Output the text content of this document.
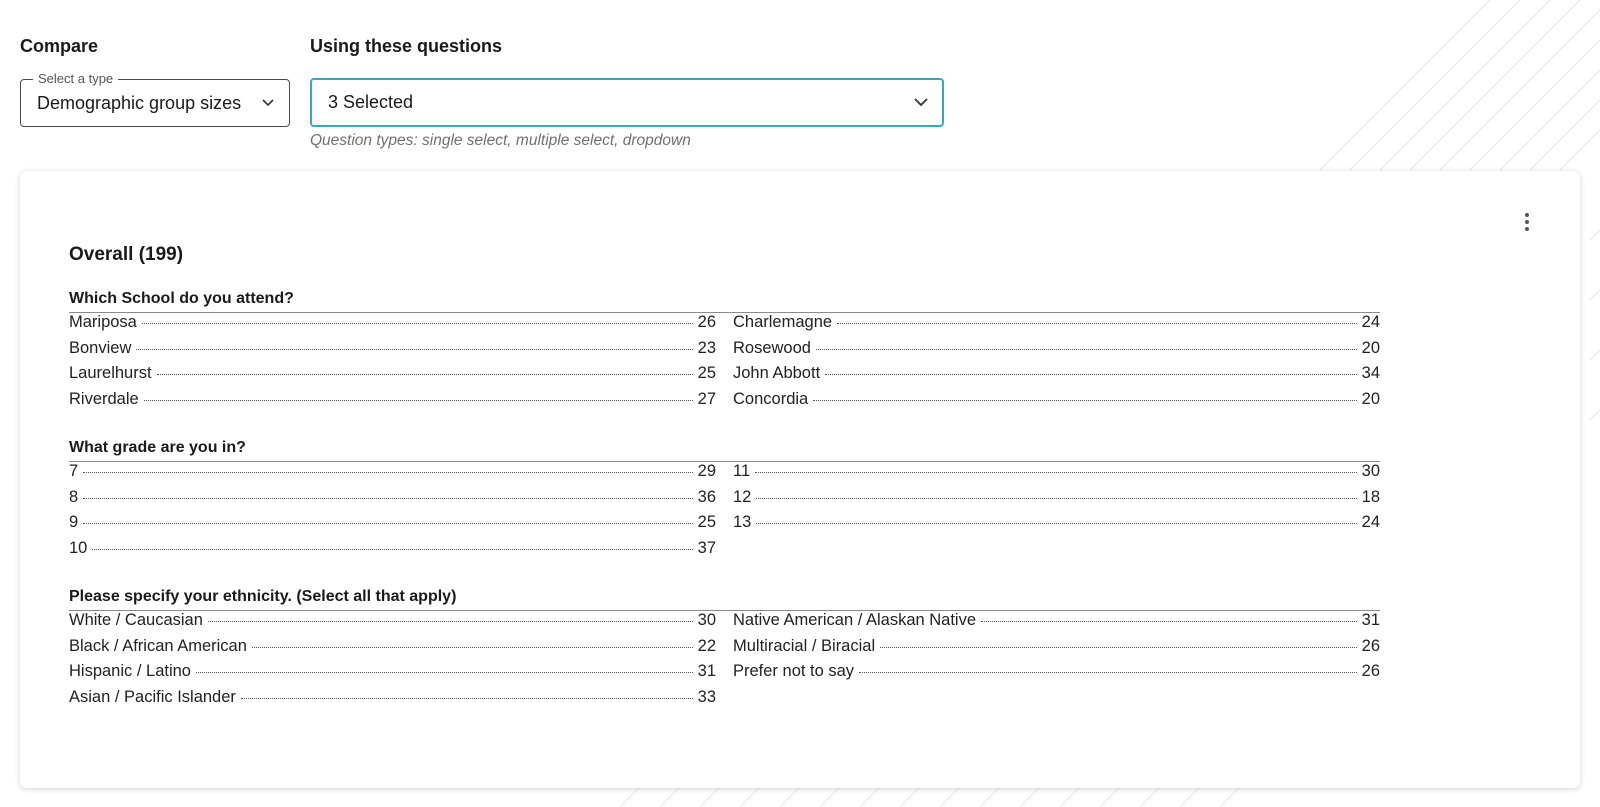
Compare	Using these questions
Select a type
Demographic group sizes	3 Selected
Question types: single select, multiple select, dropdown
Overall (199)
Which School do you attend?
Mariposa	26
Bonview	23
Laurelhurst	25
Riverdale	27
Charlemagne	24
Rosewood	20
John Abbott	34
Concordia	20
What grade are you in?
7	29
8	36
9	25
10	37
11	30
12	18
13	24
Please specify your ethnicity. (Select all that apply)
White / Caucasian	30
Black / African American	22
Hispanic / Latino	31
Asian / Pacific Islander	33
Native American / Alaskan Native	31
Multiracial / Biracial	26
Prefer not to say	26
